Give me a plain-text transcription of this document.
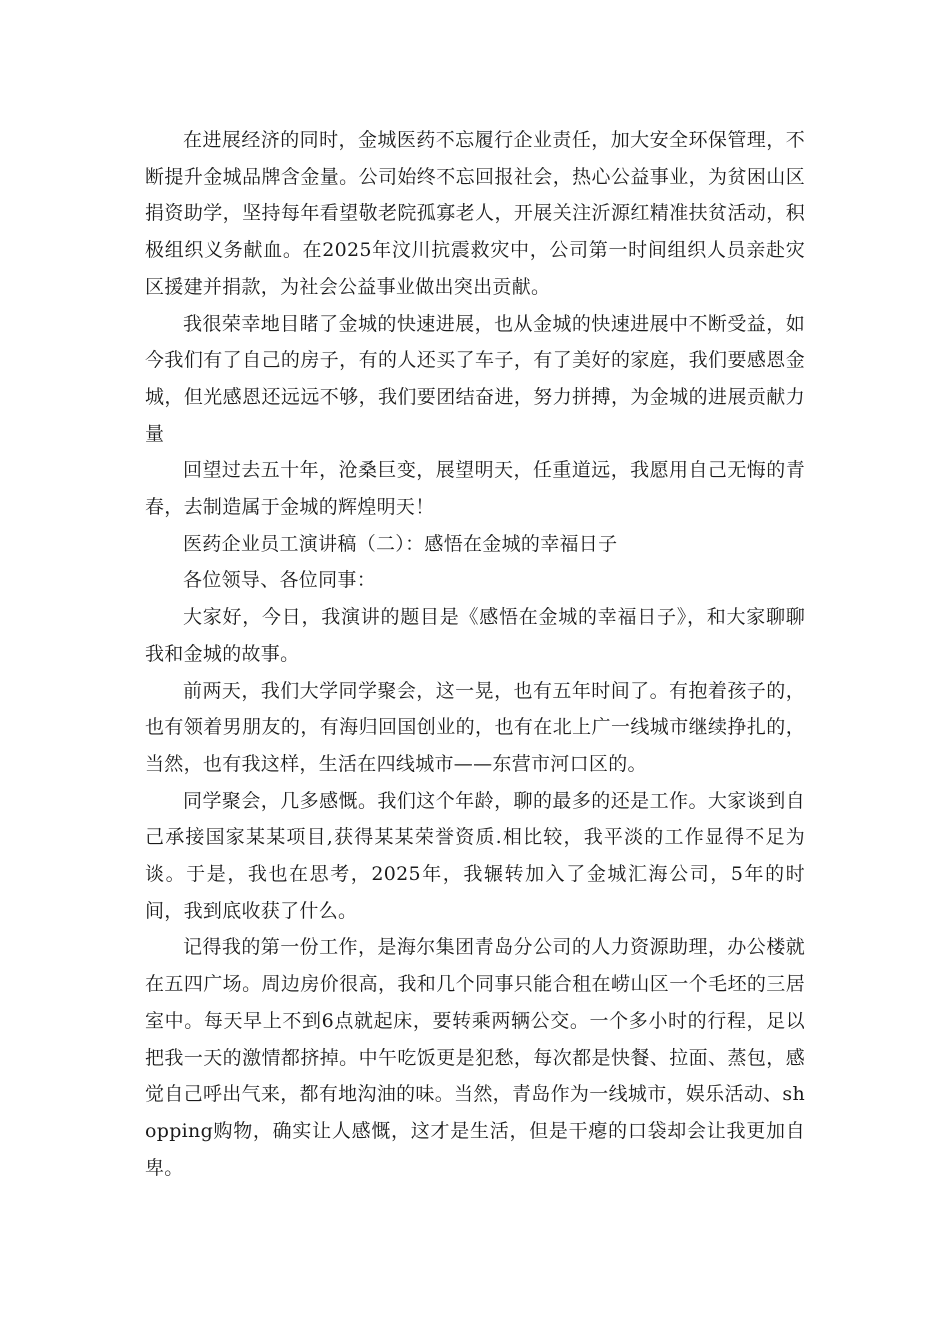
在进展经济的同时，金城医药不忘履行企业责任，加大安全环保管理，不断提升金城品牌含金量。公司始终不忘回报社会，热心公益事业，为贫困山区捐资助学，坚持每年看望敬老院孤寡老人，开展关注沂源红精准扶贫活动，积极组织义务献血。在2025年汶川抗震救灾中，公司第一时间组织人员亲赴灾区援建并捐款，为社会公益事业做出突出贡献。

我很荣幸地目睹了金城的快速进展，也从金城的快速进展中不断受益，如今我们有了自己的房子，有的人还买了车子，有了美好的家庭，我们要感恩金城，但光感恩还远远不够，我们要团结奋进，努力拼搏，为金城的进展贡献力量

回望过去五十年，沧桑巨变，展望明天，任重道远，我愿用自己无悔的青春，去制造属于金城的辉煌明天！

医药企业员工演讲稿（二）：感悟在金城的幸福日子

各位领导、各位同事：

大家好，今日，我演讲的题目是《感悟在金城的幸福日子》，和大家聊聊我和金城的故事。

前两天，我们大学同学聚会，这一晃，也有五年时间了。有抱着孩子的，也有领着男朋友的，有海归回国创业的，也有在北上广一线城市继续挣扎的，当然，也有我这样，生活在四线城市——东营市河口区的。

同学聚会，几多感慨。我们这个年龄，聊的最多的还是工作。大家谈到自己承接国家某某项目,获得某某荣誉资质.相比较，我平淡的工作显得不足为谈。于是，我也在思考，2025年，我辗转加入了金城汇海公司，5年的时间，我到底收获了什么。

记得我的第一份工作，是海尔集团青岛分公司的人力资源助理，办公楼就在五四广场。周边房价很高，我和几个同事只能合租在崂山区一个毛坯的三居室中。每天早上不到6点就起床，要转乘两辆公交。一个多小时的行程，足以把我一天的激情都挤掉。中午吃饭更是犯愁，每次都是快餐、拉面、蒸包，感觉自己呼出气来，都有地沟油的味。当然，青岛作为一线城市，娱乐活动、shopping购物，确实让人感慨，这才是生活，但是干瘪的口袋却会让我更加自卑。
